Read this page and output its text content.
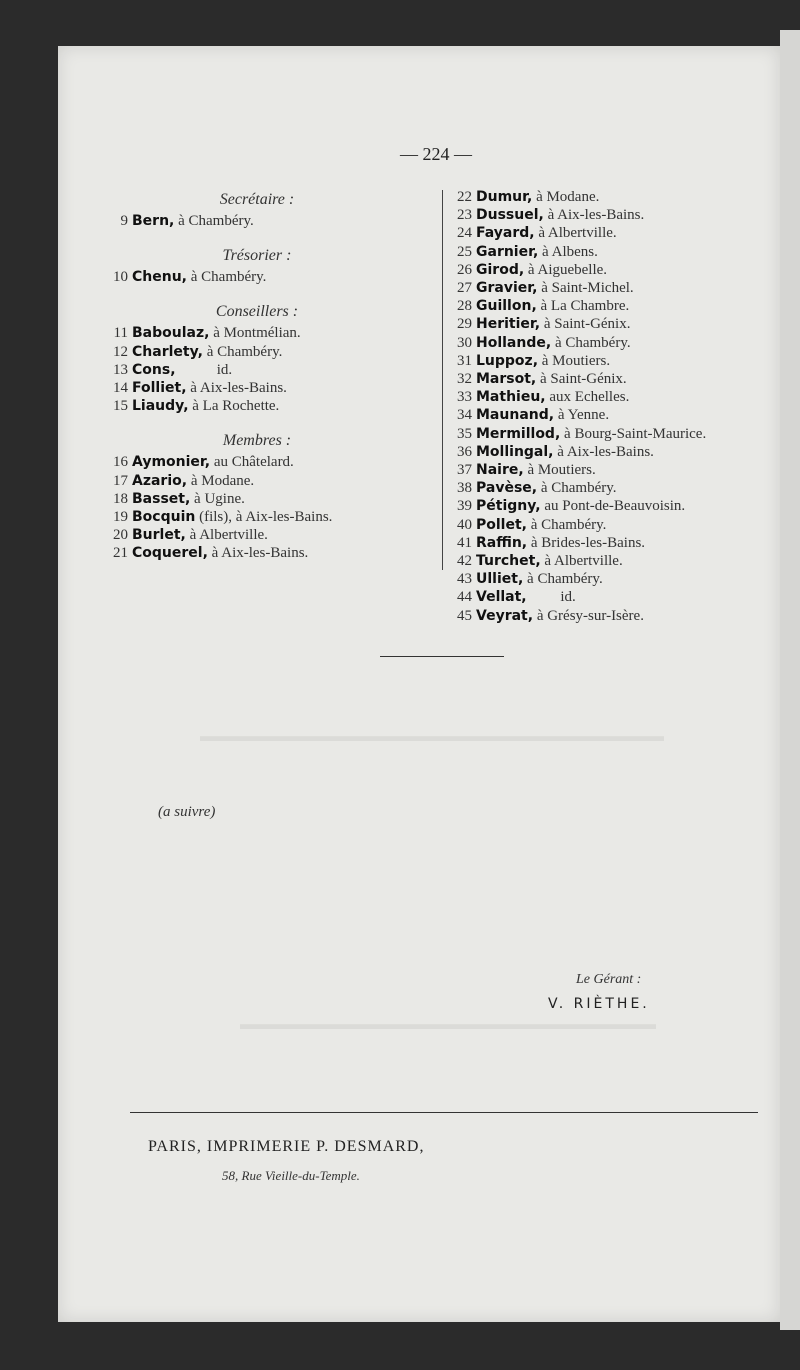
▬▬▬▬▬▬▬▬▬▬▬▬▬▬▬▬▬▬▬▬▬▬▬▬▬▬▬▬▬
▬▬▬▬▬▬▬▬▬▬▬▬▬▬▬▬▬▬▬▬▬▬▬▬▬▬
— 224 —
Secrétaire :
9 Bern, à Chambéry.
Trésorier :
10 Chenu, à Chambéry.
Conseillers :
11 Baboulaz, à Montmélian.
12 Charlety, à Chambéry.
13 Cons,           id.
14 Folliet, à Aix-les-Bains.
15 Liaudy, à La Rochette.
Membres :
16 Aymonier, au Châtelard.
17 Azario, à Modane.
18 Basset, à Ugine.
19 Bocquin (fils), à Aix-les-Bains.
20 Burlet, à Albertville.
21 Coquerel, à Aix-les-Bains.
22 Dumur, à Modane.
23 Dussuel, à Aix-les-Bains.
24 Fayard, à Albertville.
25 Garnier, à Albens.
26 Girod, à Aiguebelle.
27 Gravier, à Saint-Michel.
28 Guillon, à La Chambre.
29 Heritier, à Saint-Génix.
30 Hollande, à Chambéry.
31 Luppoz, à Moutiers.
32 Marsot, à Saint-Génix.
33 Mathieu, aux Echelles.
34 Maunand, à Yenne.
35 Mermillod, à Bourg-Saint-Maurice.
36 Mollingal, à Aix-les-Bains.
37 Naire, à Moutiers.
38 Pavèse, à Chambéry.
39 Pétigny, au Pont-de-Beauvoisin.
40 Pollet, à Chambéry.
41 Raffin, à Brides-les-Bains.
42 Turchet, à Albertville.
43 Ulliet, à Chambéry.
44 Vellat,         id.
45 Veyrat, à Grésy-sur-Isère.
(a suivre)
Le Gérant :
V. RIÈTHE.
PARIS, IMPRIMERIE P. DESMARD,
58, Rue Vieille-du-Temple.
